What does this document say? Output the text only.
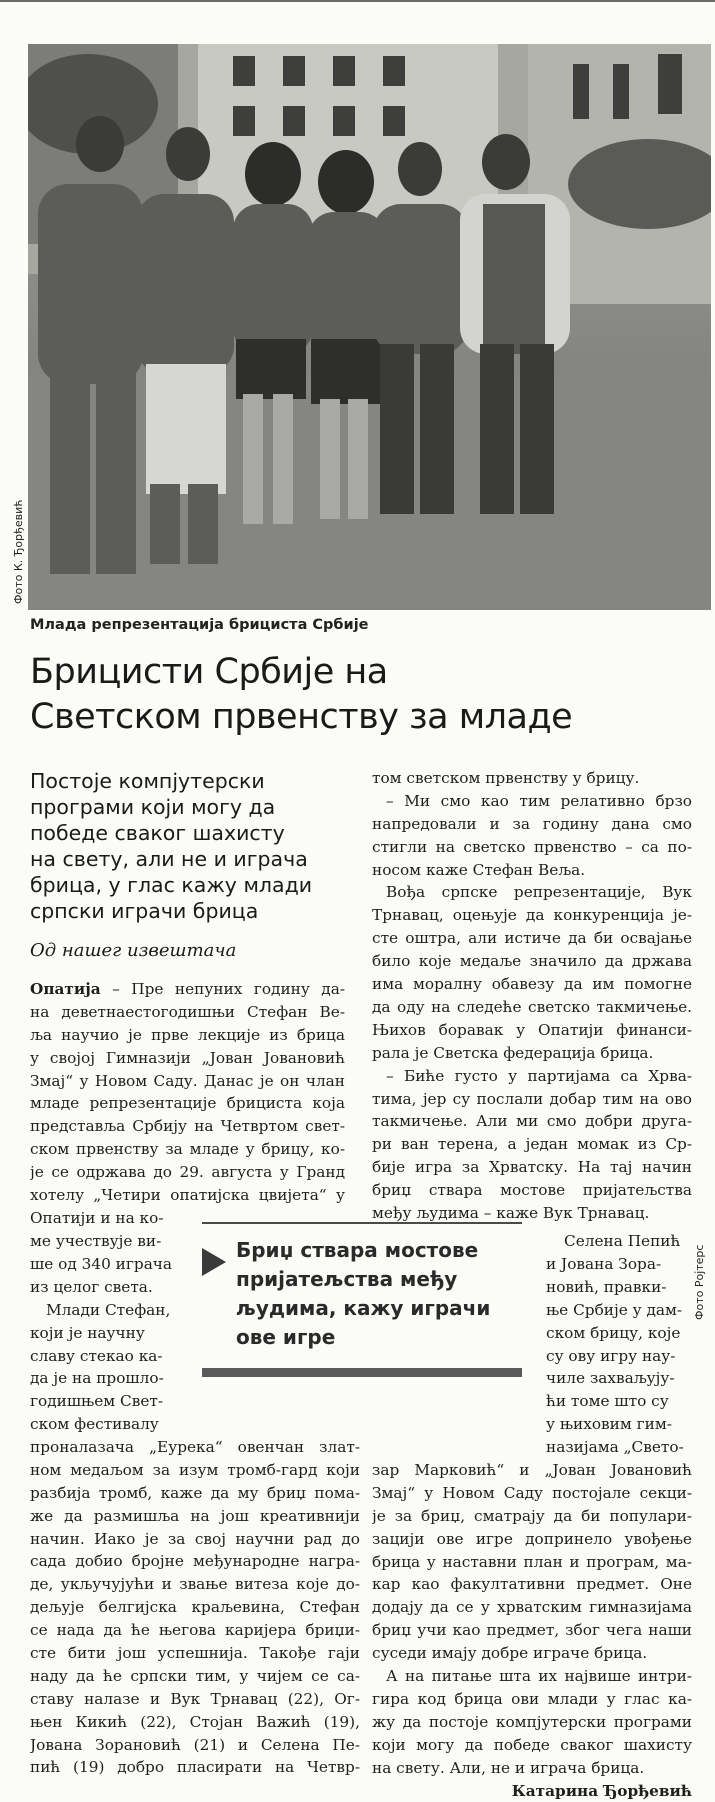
Фото К. Ђорђевић
Млада репрезентација брициста Србије
Брицисти Србије на
Светском првенству за младе
Постоје компјутерски
програми који могу да
победе сваког шахисту
на свету, али не и играча
брица, у глас кажу млади
српски играчи брица
Од нашег извештача
Опатија – Пре непуних годину да-
на деветнаестогодишњи Стефан Ве-
ља научио је прве лекције из брица
у својој Гимназији „Јован Јовановић
Змај“ у Новом Саду. Данас је он члан
младе репрезентације брициста која
представља Србију на Четвртом свет-
ском првенству за младе у брицу, ко-
је се одржава до 29. августа у Гранд
хотелу „Четири опатијска цвијета“ у
Опатији и на ко-
ме учествује ви-
ше од 340 играча
из целог света.
Млади Стефан,
који је научну
славу стекао ка-
да је на прошло-
годишњем Свет-
ском фестивалу
проналазача „Еурека“ овенчан злат-
ном медаљом за изум тромб-гард који
разбија тромб, каже да му бриџ пома-
же да размишља на још креативнији
начин. Иако је за свој научни рад до
сада добио бројне међународне награ-
де, укључујући и звање витеза које до-
дељује белгијска краљевина, Стефан
се нада да ће његова каријера бриџи-
сте бити још успешнија. Такође гаји
наду да ће српски тим, у чијем се са-
ставу налазе и Вук Трнавац (22), Ог-
њен Кикић (22), Стојан Важић (19),
Јована Зорановић (21) и Селена Пе-
пић (19) добро пласирати на Четвр-
том светском првенству у брицу.
– Ми смо као тим релативно брзо
напредовали и за годину дана смо
стигли на светско првенство – са по-
носом каже Стефан Веља.
Вођа српске репрезентације, Вук
Трнавац, оцењује да конкуренција је-
сте оштра, али истиче да би освајање
било које медаље значило да држава
има моралну обавезу да им помогне
да оду на следеће светско такмичење.
Њихов боравак у Опатији финанси-
рала је Светска федерација брица.
– Биће густо у партијама са Хрва-
тима, јер су послали добар тим на ово
такмичење. Али ми смо добри друга-
ри ван терена, а један момак из Ср-
бије игра за Хрватску. На тај начин
бриџ ствара мостове пријатељства
међу људима – каже Вук Трнавац.
Селена Пепић
и Јована Зора-
новић, правки-
ње Србије у дам-
ском брицу, које
су ову игру нау-
чиле захваљују-
ћи томе што су
у њиховим гим-
назијама „Свето-
зар Марковић“ и „Јован Јовановић
Змај“ у Новом Саду постојале секци-
је за бриџ, сматрају да би популари-
зацији ове игре допринело увођење
брица у наставни план и програм, ма-
кар као факултативни предмет. Оне
додају да се у хрватским гимназијама
бриџ учи као предмет, због чега наши
суседи имају добре играче брица.
А на питање шта их највише интри-
гира код брица ови млади у глас ка-
жу да постоје компјутерски програми
који могу да победе сваког шахисту
на свету. Али, не и играча брица.
Катарина Ђорђевић
Бриџ ствара мостове
пријатељства међу
људима, кажу играчи
ове игре
Фото Ројтерс
